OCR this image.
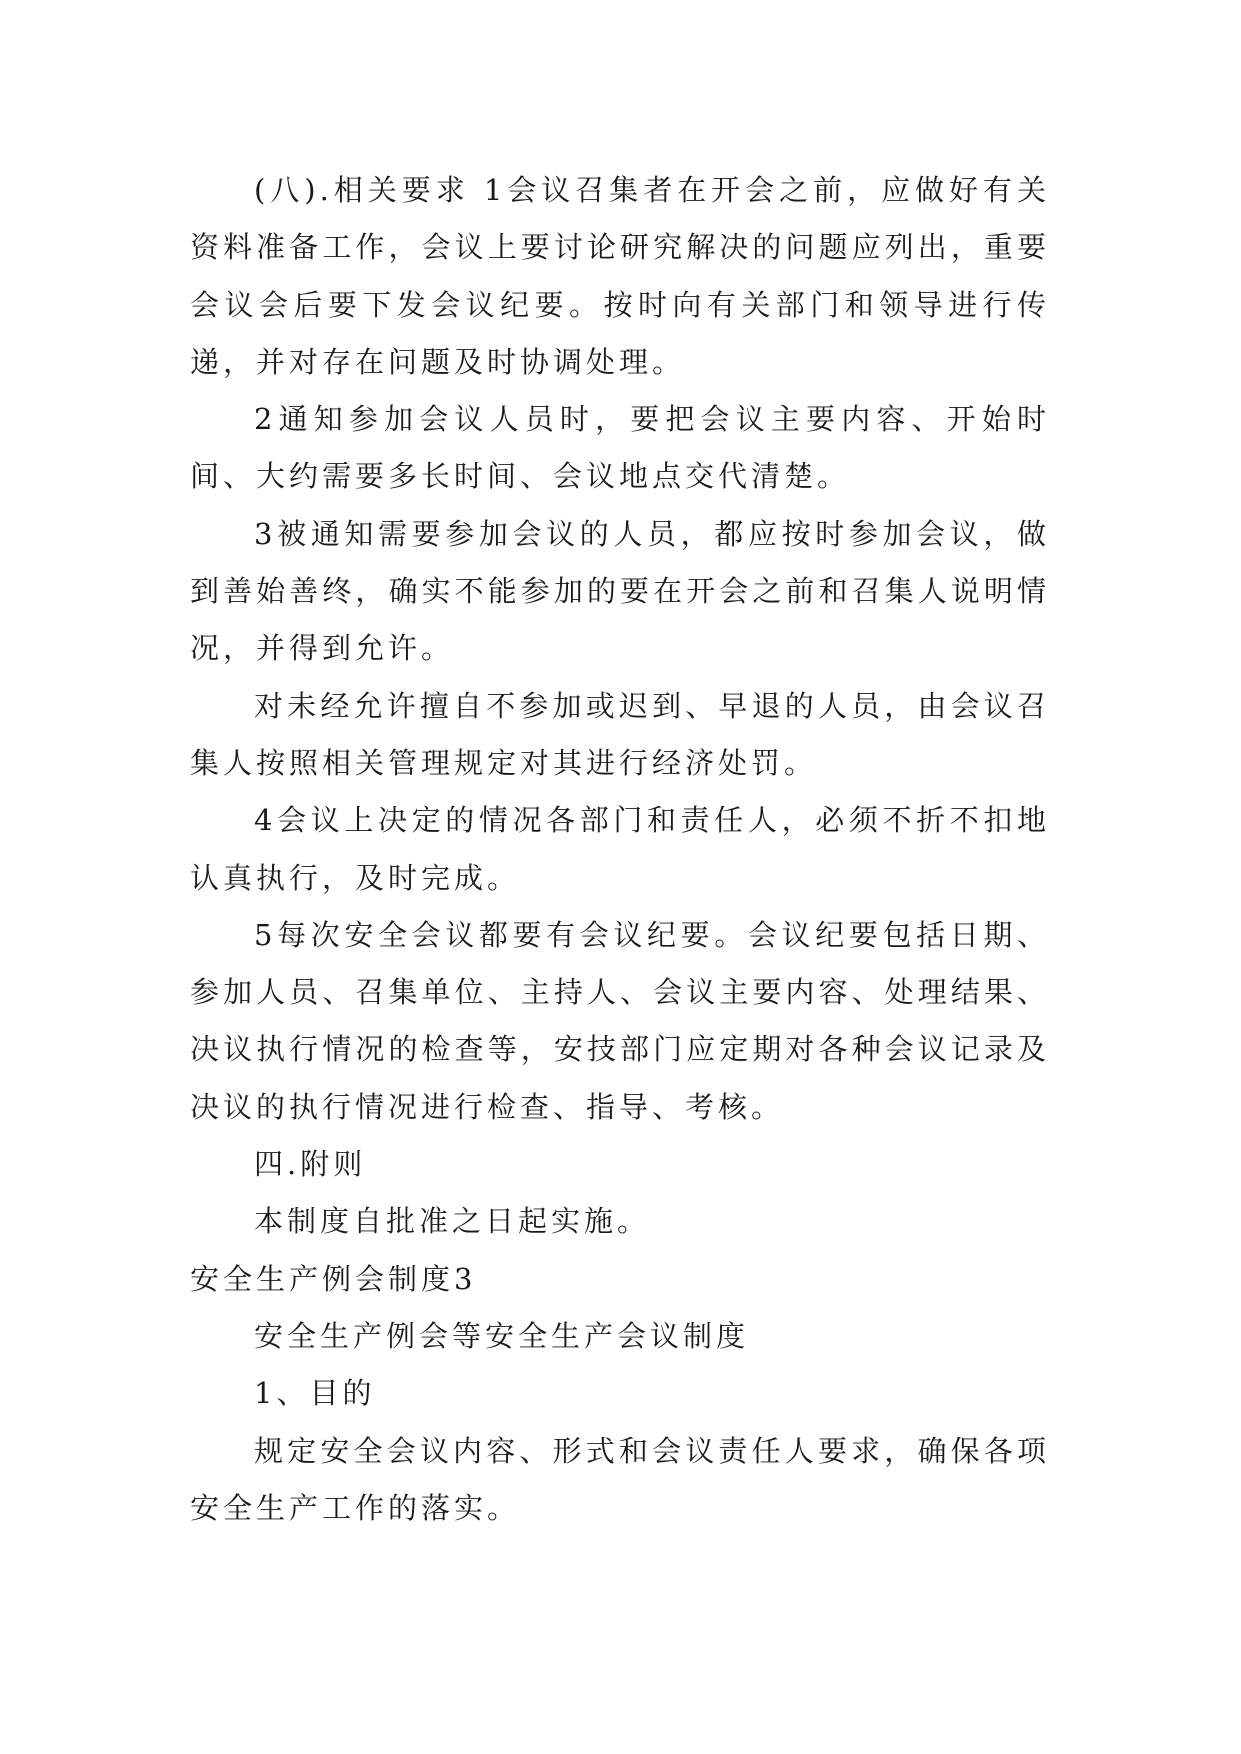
(八).相关要求 1会议召集者在开会之前，应做好有关资料准备工作，会议上要讨论研究解决的问题应列出，重要会议会后要下发会议纪要。按时向有关部门和领导进行传递，并对存在问题及时协调处理。

2通知参加会议人员时，要把会议主要内容、开始时间、大约需要多长时间、会议地点交代清楚。

3被通知需要参加会议的人员，都应按时参加会议，做到善始善终，确实不能参加的要在开会之前和召集人说明情况，并得到允许。

对未经允许擅自不参加或迟到、早退的人员，由会议召集人按照相关管理规定对其进行经济处罚。

4会议上决定的情况各部门和责任人，必须不折不扣地认真执行，及时完成。

5每次安全会议都要有会议纪要。会议纪要包括日期、参加人员、召集单位、主持人、会议主要内容、处理结果、决议执行情况的检查等，安技部门应定期对各种会议记录及决议的执行情况进行检查、指导、考核。

四.附则

本制度自批准之日起实施。

安全生产例会制度3

安全生产例会等安全生产会议制度

1、目的

规定安全会议内容、形式和会议责任人要求，确保各项安全生产工作的落实。
